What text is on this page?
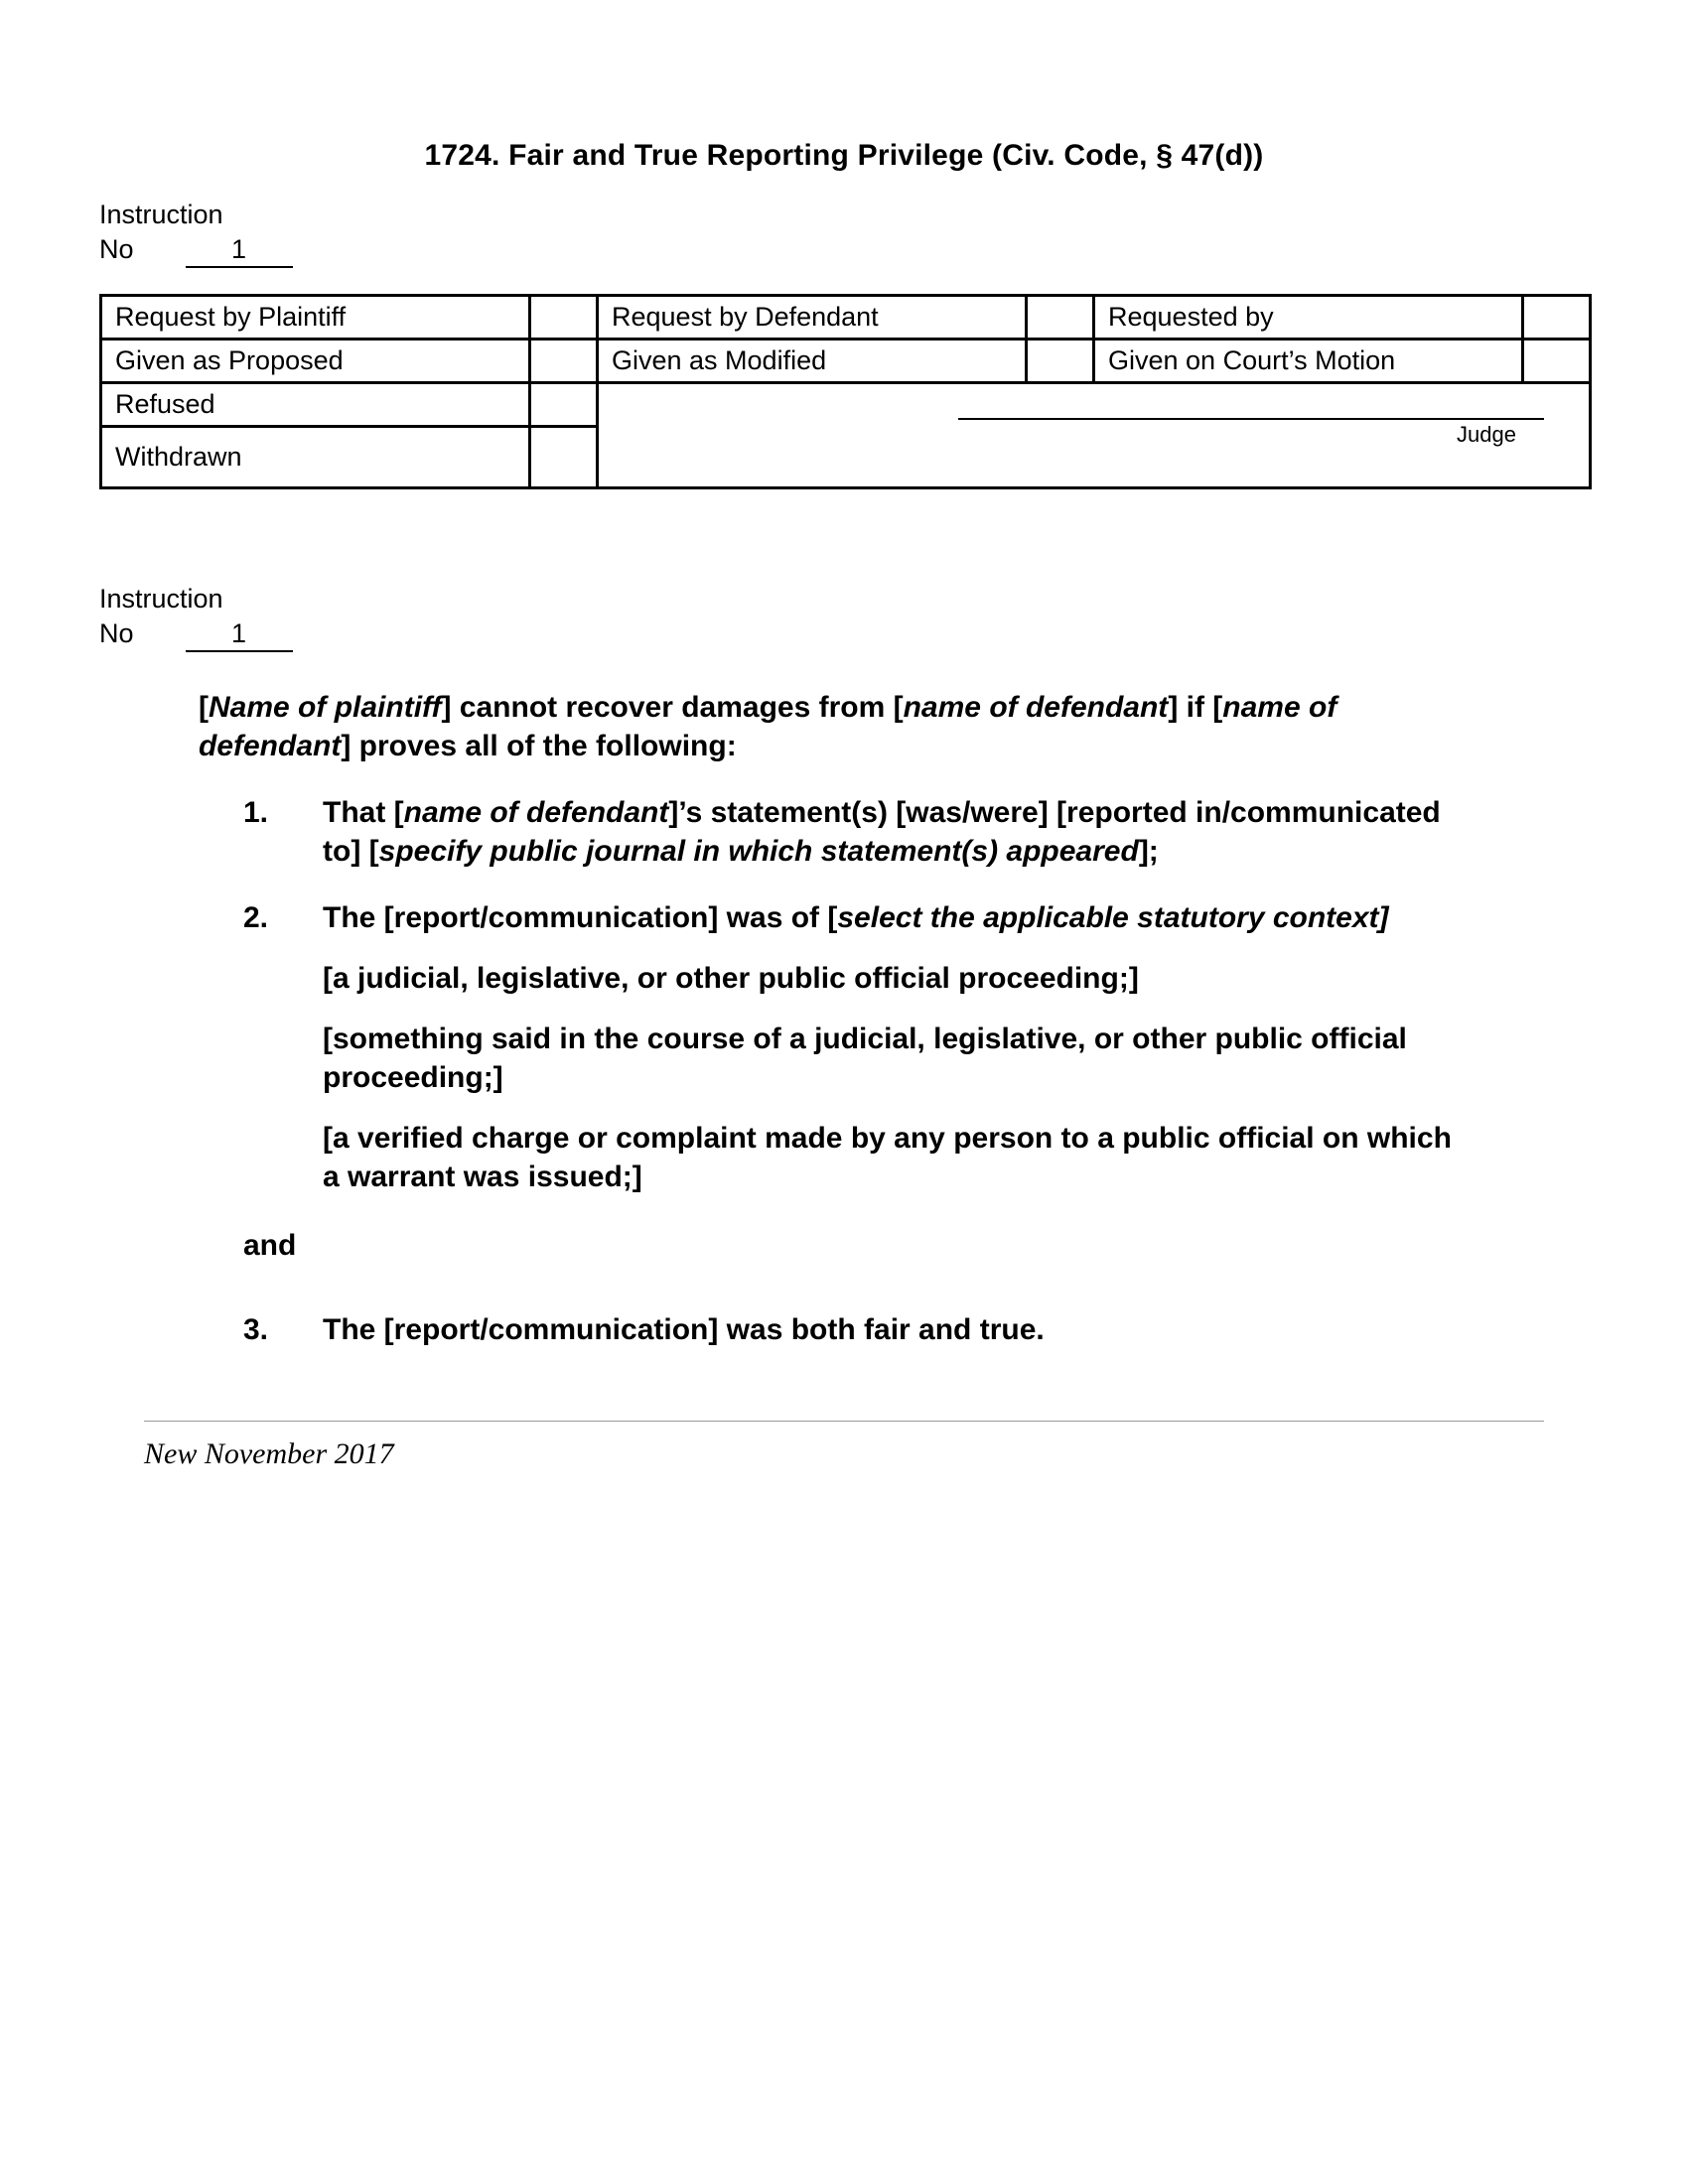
1724. Fair and True Reporting Privilege (Civ. Code, § 47(d))
Instruction
No	1
Request by Plaintiff		Request by Defendant		Requested by	
Given as Proposed		Given as Modified		Given on Court’s Motion	
Refused		Judge			

Withdrawn					
Instruction
No	1

[Name of plaintiff] cannot recover damages from [name of defendant] if [name of defendant] proves all of the following:

1.	That [name of defendant]’s statement(s) [was/were] [reported in/communicated to] [specify public journal in which statement(s) appeared];
2.	The [report/communication] was of [select the applicable statutory context]

[a judicial, legislative, or other public official proceeding;]

[something said in the course of a judicial, legislative, or other public official proceeding;]

[a verified charge or complaint made by any person to a public official on which a warrant was issued;]

and
3.	The [report/communication] was both fair and true.
New November 2017
